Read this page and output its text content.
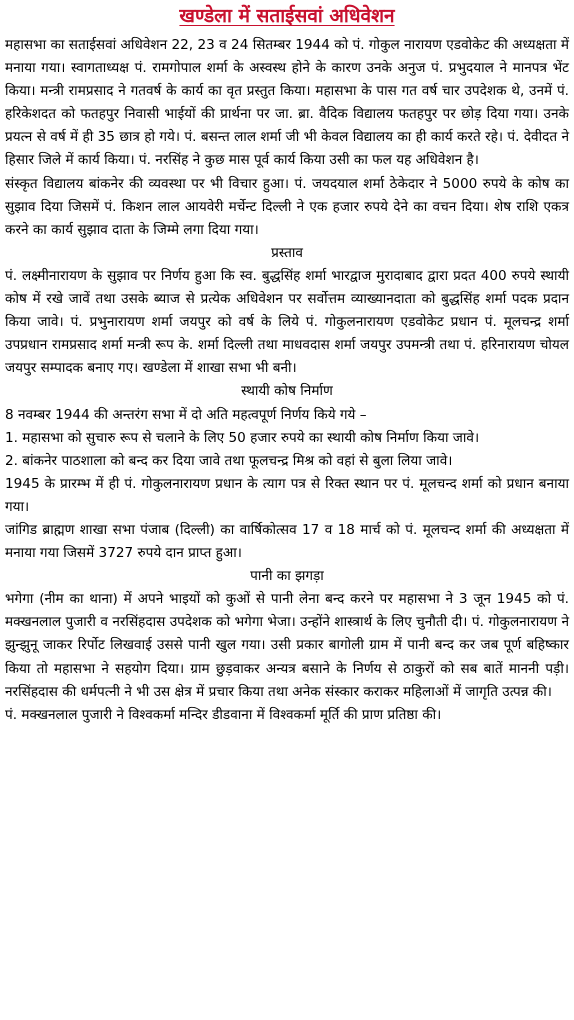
खण्डेला में सताईसवां अधिवेशन

महासभा का सताईसवां अधिवेशन 22, 23 व 24 सितम्बर 1944 को पं. गोकुल नारायण एडवोकेट की अध्यक्षता में मनाया गया। स्वागताध्यक्ष पं. रामगोपाल शर्मा के अस्वस्थ होने के कारण उनके अनुज पं. प्रभुदयाल ने मानपत्र भेंट किया। मन्त्री रामप्रसाद ने गतवर्ष के कार्य का वृत प्रस्तुत किया। महासभा के पास गत वर्ष चार उपदेशक थे, उनमें पं. हरिकेशदत को फतहपुर निवासी भाईयों की प्रार्थना पर जा. ब्रा. वैदिक विद्यालय फतहपुर पर छोड़ दिया गया। उनके प्रयत्न से वर्ष में ही 35 छात्र हो गये। पं. बसन्त लाल शर्मा जी भी केवल विद्यालय का ही कार्य करते रहे। पं. देवीदत ने हिसार जिले में कार्य किया। पं. नरसिंह ने कुछ मास पूर्व कार्य किया उसी का फल यह अधिवेशन है।

संस्कृत विद्यालय बांकनेर की व्यवस्था पर भी विचार हुआ। पं. जयदयाल शर्मा ठेकेदार ने 5000 रुपये के कोष का सुझाव दिया जिसमें पं. किशन लाल आयवेरी मर्चेन्ट दिल्ली ने एक हजार रुपये देने का वचन दिया। शेष राशि एकत्र करने का कार्य सुझाव दाता के जिम्मे लगा दिया गया।

प्रस्ताव

पं. लक्ष्मीनारायण के सुझाव पर निर्णय हुआ कि स्व. बुद्धसिंह शर्मा भारद्वाज मुरादाबाद द्वारा प्रदत 400 रुपये स्थायी कोष में रखे जावें तथा उसके ब्याज से प्रत्येक अधिवेशन पर सर्वोत्तम व्याख्यानदाता को बुद्धसिंह शर्मा पदक प्रदान किया जावे। पं. प्रभुनारायण शर्मा जयपुर को वर्ष के लिये पं. गोकुलनारायण एडवोकेट प्रधान पं. मूलचन्द्र शर्मा उपप्रधान रामप्रसाद शर्मा मन्त्री रूप के. शर्मा दिल्ली तथा माधवदास शर्मा जयपुर उपमन्त्री तथा पं. हरिनारायण चोयल जयपुर सम्पादक बनाए गए। खण्डेला में शाखा सभा भी बनी।

स्थायी कोष निर्माण

8 नवम्बर 1944 की अन्तरंग सभा में दो अति महत्वपूर्ण निर्णय किये गये –

1. महासभा को सुचारु रूप से चलाने के लिए 50 हजार रुपये का स्थायी कोष निर्माण किया जावे।

2. बांकनेर पाठशाला को बन्द कर दिया जावे तथा फूलचन्द्र मिश्र को वहां से बुला लिया जावे।

1945 के प्रारम्भ में ही पं. गोकुलनारायण प्रधान के त्याग पत्र से रिक्त स्थान पर पं. मूलचन्द शर्मा को प्रधान बनाया गया।

जांगिड ब्राह्मण शाखा सभा पंजाब (दिल्ली) का वार्षिकोत्सव 17 व 18 मार्च को पं. मूलचन्द शर्मा की अध्यक्षता में मनाया गया जिसमें 3727 रुपये दान प्राप्त हुआ।

पानी का झगड़ा

भगेगा (नीम का थाना) में अपने भाइयों को कुओं से पानी लेना बन्द करने पर महासभा ने 3 जून 1945 को पं. मक्खनलाल पुजारी व नरसिंहदास उपदेशक को भगेगा भेजा। उन्होंने शास्त्रार्थ के लिए चुनौती दी। पं. गोकुलनारायण ने झुन्झुनू जाकर रिर्पोट लिखवाई उससे पानी खुल गया। उसी प्रकार बागोली ग्राम में पानी बन्द कर जब पूर्ण बहिष्कार किया तो महासभा ने सहयोग दिया। ग्राम छुड़वाकर अन्यत्र बसाने के निर्णय से ठाकुरों को सब बातें माननी पड़ी। नरसिंहदास की धर्मपत्नी ने भी उस क्षेत्र में प्रचार किया तथा अनेक संस्कार कराकर महिलाओं में जागृति उत्पन्न की।

पं. मक्खनलाल पुजारी ने विश्वकर्मा मन्दिर डीडवाना में विश्वकर्मा मूर्ति की प्राण प्रतिष्ठा की।
